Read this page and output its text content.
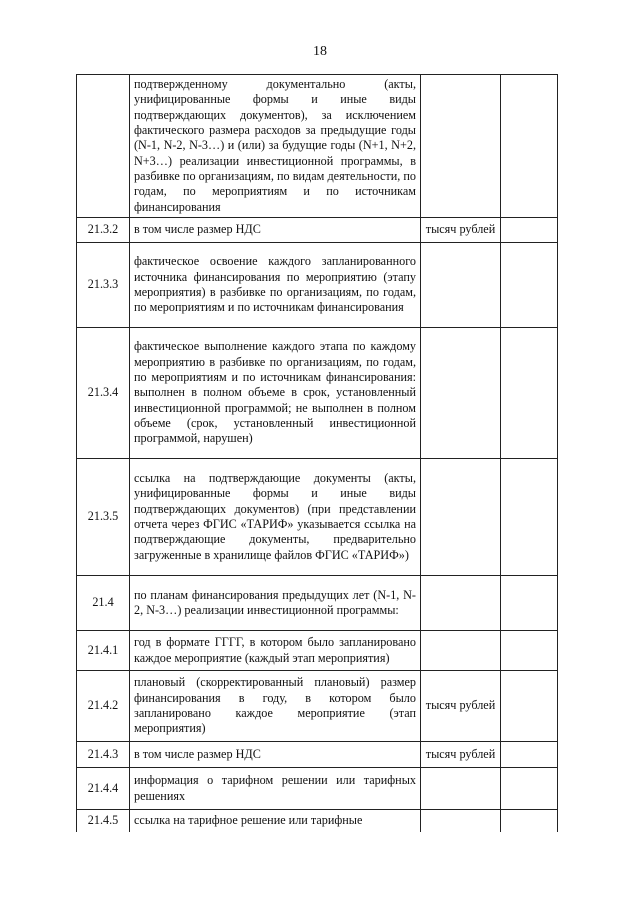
18
	подтвержденному документально (акты, унифицированные формы и иные виды подтверждающих документов), за исключением фактического размера расходов за предыдущие годы (N-1, N-2, N-3…) и (или) за будущие годы (N+1, N+2, N+3…) реализации инвестиционной программы, в разбивке по организациям, по видам деятельности, по годам, по мероприятиям и по источникам финансирования		
21.3.2	в том числе размер НДС	тысяч рублей	
21.3.3	фактическое освоение каждого запланированного источника финансирования по мероприятию (этапу мероприятия) в разбивке по организациям, по годам, по мероприятиям и по источникам финансирования		
21.3.4	фактическое выполнение каждого этапа по каждому мероприятию в разбивке по организациям, по годам, по мероприятиям и по источникам финансирования: выполнен в полном объеме в срок, установленный инвестиционной программой; не выполнен в полном объеме (срок, установленный инвестиционной программой, нарушен)		
21.3.5	ссылка на подтверждающие документы (акты, унифицированные формы и иные виды подтверждающих документов) (при представлении отчета через ФГИС «ТАРИФ» указывается ссылка на подтверждающие документы, предварительно загруженные в хранилище файлов ФГИС «ТАРИФ»)		
21.4	по планам финансирования предыдущих лет (N-1, N-2, N-3…) реализации инвестиционной программы:		
21.4.1	год в формате ГГГГ, в котором было запланировано каждое мероприятие (каждый этап мероприятия)		
21.4.2	плановый (скорректированный плановый) размер финансирования в году, в котором было запланировано каждое мероприятие (этап мероприятия)	тысяч рублей	
21.4.3	в том числе размер НДС	тысяч рублей	
21.4.4	информация о тарифном решении или тарифных решениях		
21.4.5	ссылка на тарифное решение или тарифные		
